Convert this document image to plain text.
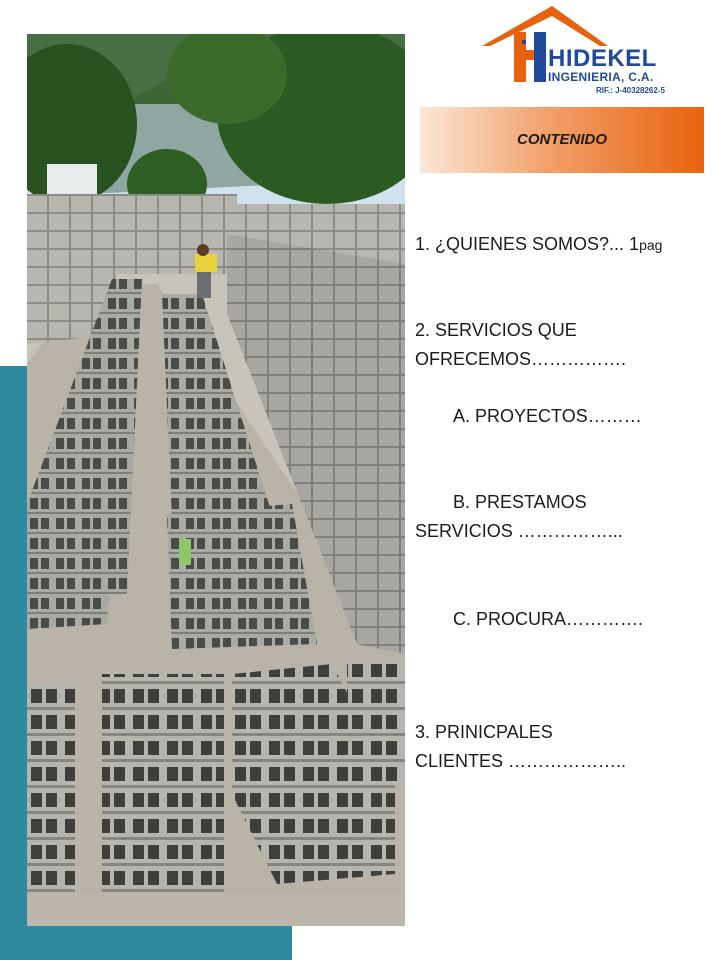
HIDEKEL
INGENIERIA, C.A.
RIF.: J-40328262-5
CONTENIDO
1. ¿QUIENES SOMOS?... 1pag
2. SERVICIOS QUE
OFRECEMOS…………….
A. PROYECTOS………
B. PRESTAMOS
SERVICIOS ……………...
C. PROCURA………….
3. PRINICPALES
CLIENTES ………………..
